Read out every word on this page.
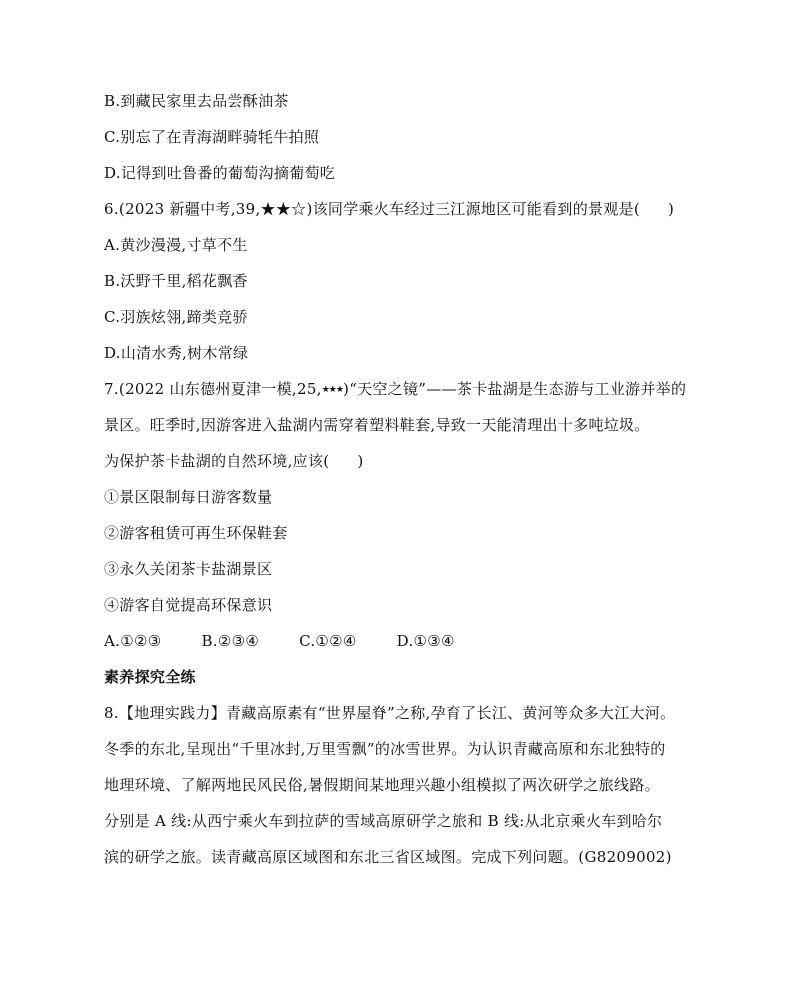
B.到藏民家里去品尝酥油茶
C.别忘了在青海湖畔骑牦牛拍照
D.记得到吐鲁番的葡萄沟摘葡萄吃
6.(2023 新疆中考,39,★★☆)该同学乘火车经过三江源地区可能看到的景观是( )
A.黄沙漫漫,寸草不生
B.沃野千里,稻花飘香
C.羽族炫翎,蹄类竞骄
D.山清水秀,树木常绿
7.(2022 山东德州夏津一模,25,★★★)“天空之镜”——茶卡盐湖是生态游与工业游并举的
景区。旺季时,因游客进入盐湖内需穿着塑料鞋套,导致一天能清理出十多吨垃圾。
为保护茶卡盐湖的自然环境,应该( )
①景区限制每日游客数量
②游客租赁可再生环保鞋套
③永久关闭茶卡盐湖景区
④游客自觉提高环保意识
A.①②③	B.②③④	C.①②④	D.①③④
素养探究全练
8.【地理实践力】青藏高原素有“世界屋脊”之称,孕育了长江、黄河等众多大江大河。
冬季的东北,呈现出“千里冰封,万里雪飘”的冰雪世界。为认识青藏高原和东北独特的
地理环境、了解两地民风民俗,暑假期间某地理兴趣小组模拟了两次研学之旅线路。
分别是 A 线:从西宁乘火车到拉萨的雪域高原研学之旅和 B 线:从北京乘火车到哈尔
滨的研学之旅。读青藏高原区域图和东北三省区域图。完成下列问题。(G8209002)
